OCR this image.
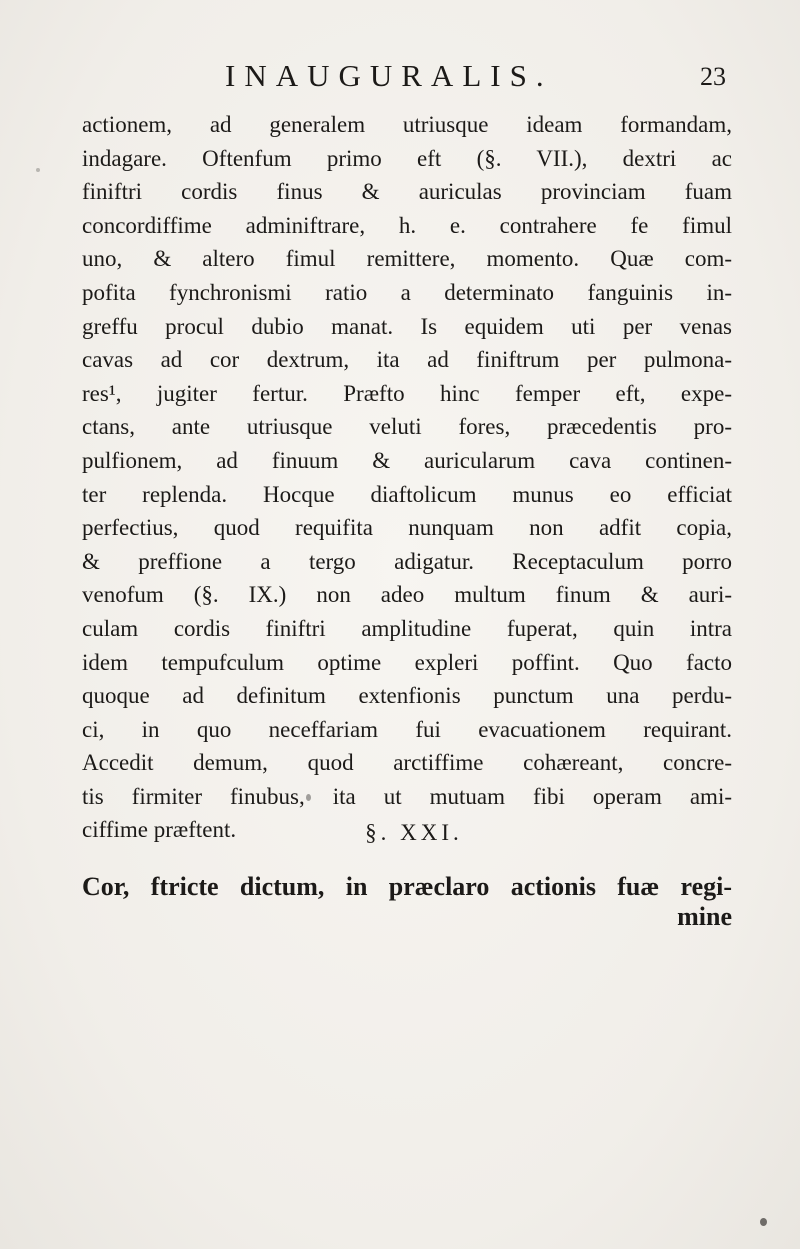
INAUGURALIS.	23
actionem, ad generalem utriusque ideam formandam,
indagare. Oftenfum primo eft (§. VII.), dextri ac
finiftri cordis finus & auriculas provinciam fuam
concordiffime adminiftrare, h. e. contrahere fe fimul
uno, & altero fimul remittere, momento. Quæ com-
pofita fynchronismi ratio a determinato fanguinis in-
greffu procul dubio manat. Is equidem uti per venas
cavas ad cor dextrum, ita ad finiftrum per pulmona-
res¹, jugiter fertur. Præfto hinc femper eft, expe-
ctans, ante utriusque veluti fores, præcedentis pro-
pulfionem, ad finuum & auricularum cava continen-
ter replenda. Hocque diaftolicum munus eo efficiat
perfectius, quod requifita nunquam non adfit copia,
& preffione a tergo adigatur. Receptaculum porro
venofum (§. IX.) non adeo multum finum & auri-
culam cordis finiftri amplitudine fuperat, quin intra
idem tempufculum optime expleri poffint. Quo facto
quoque ad definitum extenfionis punctum una perdu-
ci, in quo neceffariam fui evacuationem requirant.
Accedit demum, quod arctiffime cohæreant, concre-
tis firmiter finubus, ita ut mutuam fibi operam ami-
ciffime præftent.	§. XXI.
Cor, ftricte dictum, in præclaro actionis fuæ regi-
mine
